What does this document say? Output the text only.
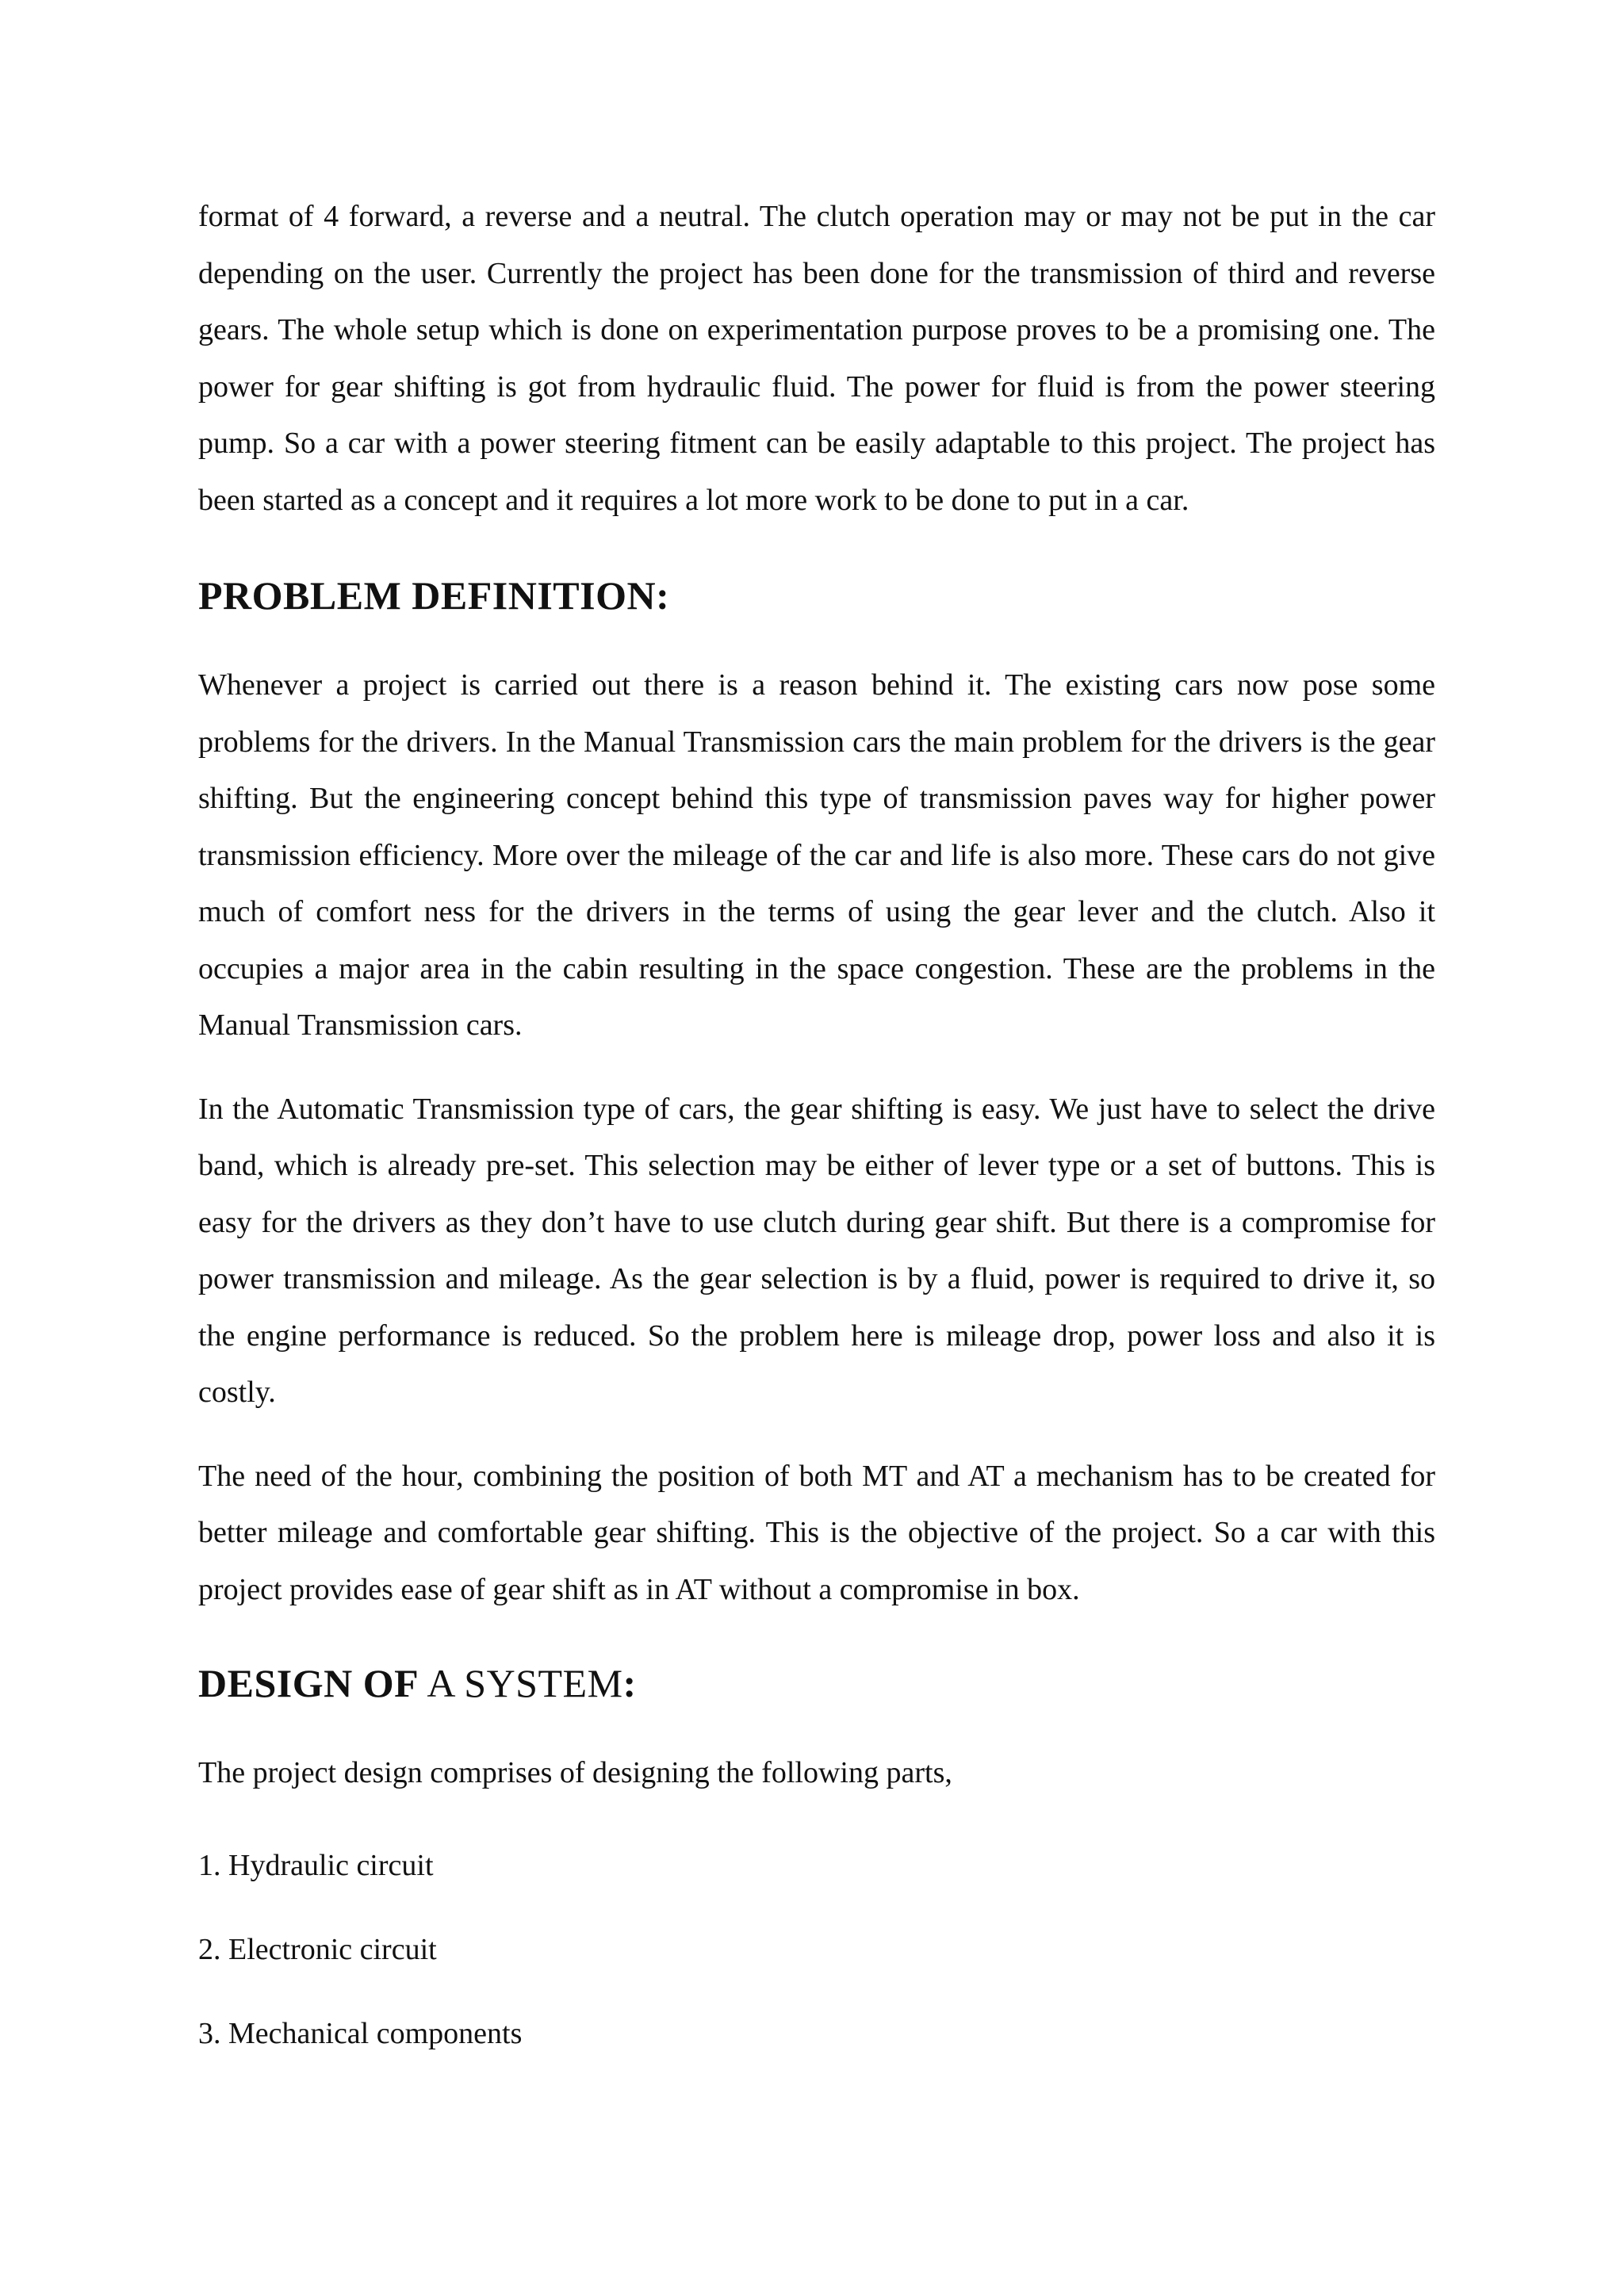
format of 4 forward, a reverse and a neutral. The clutch operation may or may not be put in the car depending on the user. Currently the project has been done for the transmission of third and reverse gears. The whole setup which is done on experimentation purpose proves to be a promising one. The power for gear shifting is got from hydraulic fluid. The power for fluid is from the power steering pump. So a car with a power steering fitment can be easily adaptable to this project. The project has been started as a concept and it requires a lot more work to be done to put in a car.

PROBLEM DEFINITION:

Whenever a project is carried out there is a reason behind it. The existing cars now pose some problems for the drivers. In the Manual Transmission cars the main problem for the drivers is the gear shifting. But the engineering concept behind this type of transmission paves way for higher power transmission efficiency. More over the mileage of the car and life is also more. These cars do not give much of comfort ness for the drivers in the terms of using the gear lever and the clutch. Also it occupies a major area in the cabin resulting in the space congestion. These are the problems in the Manual Transmission cars.

In the Automatic Transmission type of cars, the gear shifting is easy. We just have to select the drive band, which is already pre-set. This selection may be either of lever type or a set of buttons. This is easy for the drivers as they don’t have to use clutch during gear shift. But there is a compromise for power transmission and mileage. As the gear selection is by a fluid, power is required to drive it, so the engine performance is reduced. So the problem here is mileage drop, power loss and also it is costly.

The need of the hour, combining the position of both MT and AT a mechanism has to be created for better mileage and comfortable gear shifting. This is the objective of the project. So a car with this project provides ease of gear shift as in AT without a compromise in box.

DESIGN OF A SYSTEM:

The project design comprises of designing the following parts,

1. Hydraulic circuit

2. Electronic circuit

3. Mechanical components
